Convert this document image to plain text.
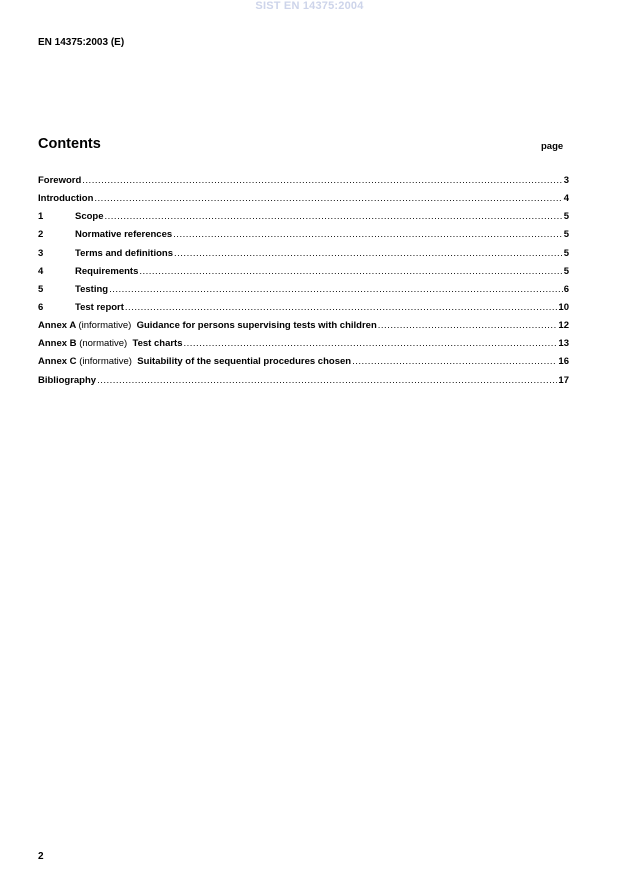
SIST EN 14375:2004
EN 14375:2003 (E)
Contents	page
Foreword .....	3
Introduction .....	4
1	Scope .....	5
2	Normative references .....	5
3	Terms and definitions .....	5
4	Requirements .....	5
5	Testing .....	6
6	Test report .....	10
Annex A (informative) Guidance for persons supervising tests with children .....	12
Annex B (normative) Test charts .....	13
Annex C (informative) Suitability of the sequential procedures chosen .....	16
Bibliography .....	17
2
